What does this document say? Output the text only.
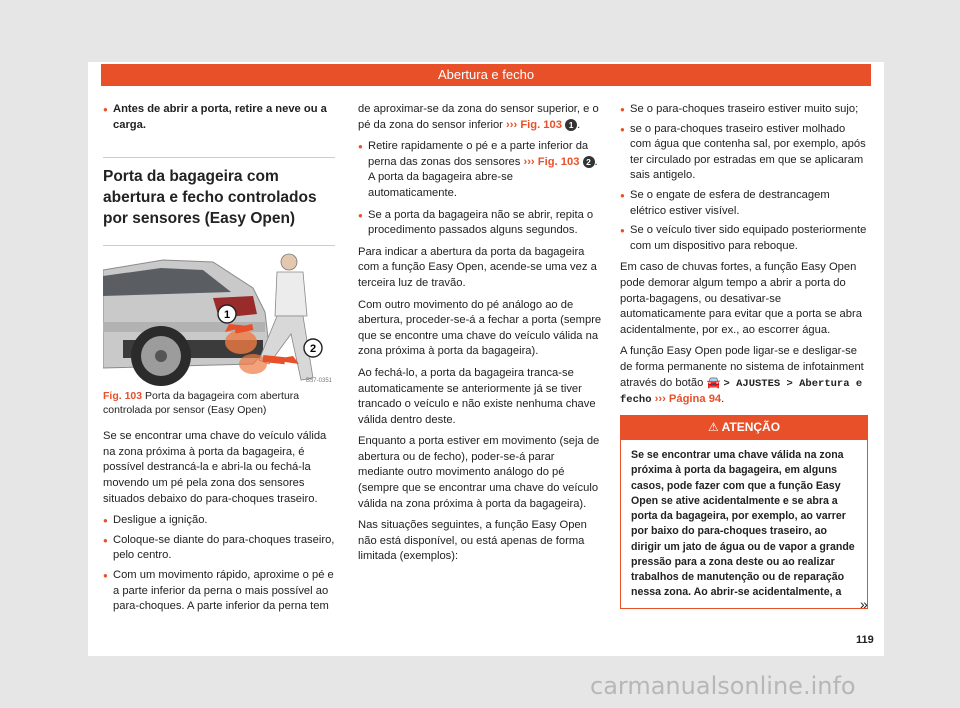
Abertura e fecho
● Antes de abrir a porta, retire a neve ou a carga.
Porta da bagageira com abertura e fecho controlados por sensores (Easy Open)
1
2
B57-0351
Fig. 103 Porta da bagageira com abertura controlada por sensor (Easy Open)

Se se encontrar uma chave do veículo válida na zona próxima à porta da bagageira, é possível destrancá-la e abri-la ou fechá-la movendo um pé pela zona dos sensores situados debaixo do para-choques traseiro.

● Desligue a ignição.
● Coloque-se diante do para-choques traseiro, pelo centro.
● Com um movimento rápido, aproxime o pé e a parte inferior da perna o mais possível ao para-choques. A parte inferior da perna tem

de aproximar-se da zona do sensor superior, e o pé da zona do sensor inferior ››› Fig. 103 1 .

● Retire rapidamente o pé e a parte inferior da perna das zonas dos sensores ››› Fig. 103 2 . A porta da bagageira abre-se automaticamente.
● Se a porta da bagageira não se abrir, repita o procedimento passados alguns segundos.

Para indicar a abertura da porta da bagageira com a função Easy Open, acende-se uma vez a terceira luz de travão.

Com outro movimento do pé análogo ao de abertura, proceder-se-á a fechar a porta (sempre que se encontre uma chave do veículo válida na zona próxima à porta da bagageira).

Ao fechá-lo, a porta da bagageira tranca-se automaticamente se anteriormente já se tiver trancado o veículo e não existe nenhuma chave válida dentro deste.

Enquanto a porta estiver em movimento (seja de abertura ou de fecho), poder-se-á parar mediante outro movimento análogo do pé (sempre que se encontrar uma chave do veículo válida na zona próxima à porta da bagageira).

Nas situações seguintes, a função Easy Open não está disponível, ou está apenas de forma limitada (exemplos):

● Se o para-choques traseiro estiver muito sujo;
● se o para-choques traseiro estiver molhado com água que contenha sal, por exemplo, após ter circulado por estradas em que se aplicaram sais antigelo.
● Se o engate de esfera de destrancagem elétrico estiver visível.
● Se o veículo tiver sido equipado posteriormente com um dispositivo para reboque.

Em caso de chuvas fortes, a função Easy Open pode demorar algum tempo a abrir a porta do porta-bagagens, ou desativar-se automaticamente para evitar que a porta se abra acidentalmente, por ex., ao escorrer água.

A função Easy Open pode ligar-se e desligar-se de forma permanente no sistema de infotainment através do botão 🚘 > AJUSTES > Abertura e fecho ››› Página 94.

⚠ ATENÇÃO
Se se encontrar uma chave válida na zona próxima à porta da bagageira, em alguns casos, pode fazer com que a função Easy Open se ative acidentalmente e se abra a porta da bagageira, por exemplo, ao varrer por baixo do para-choques traseiro, ao dirigir um jato de água ou de vapor a grande pressão para a zona deste ou ao realizar trabalhos de manutenção ou de reparação nessa zona. Ao abrir-se acidentalmente, a
»
119
carmanualsonline.info
